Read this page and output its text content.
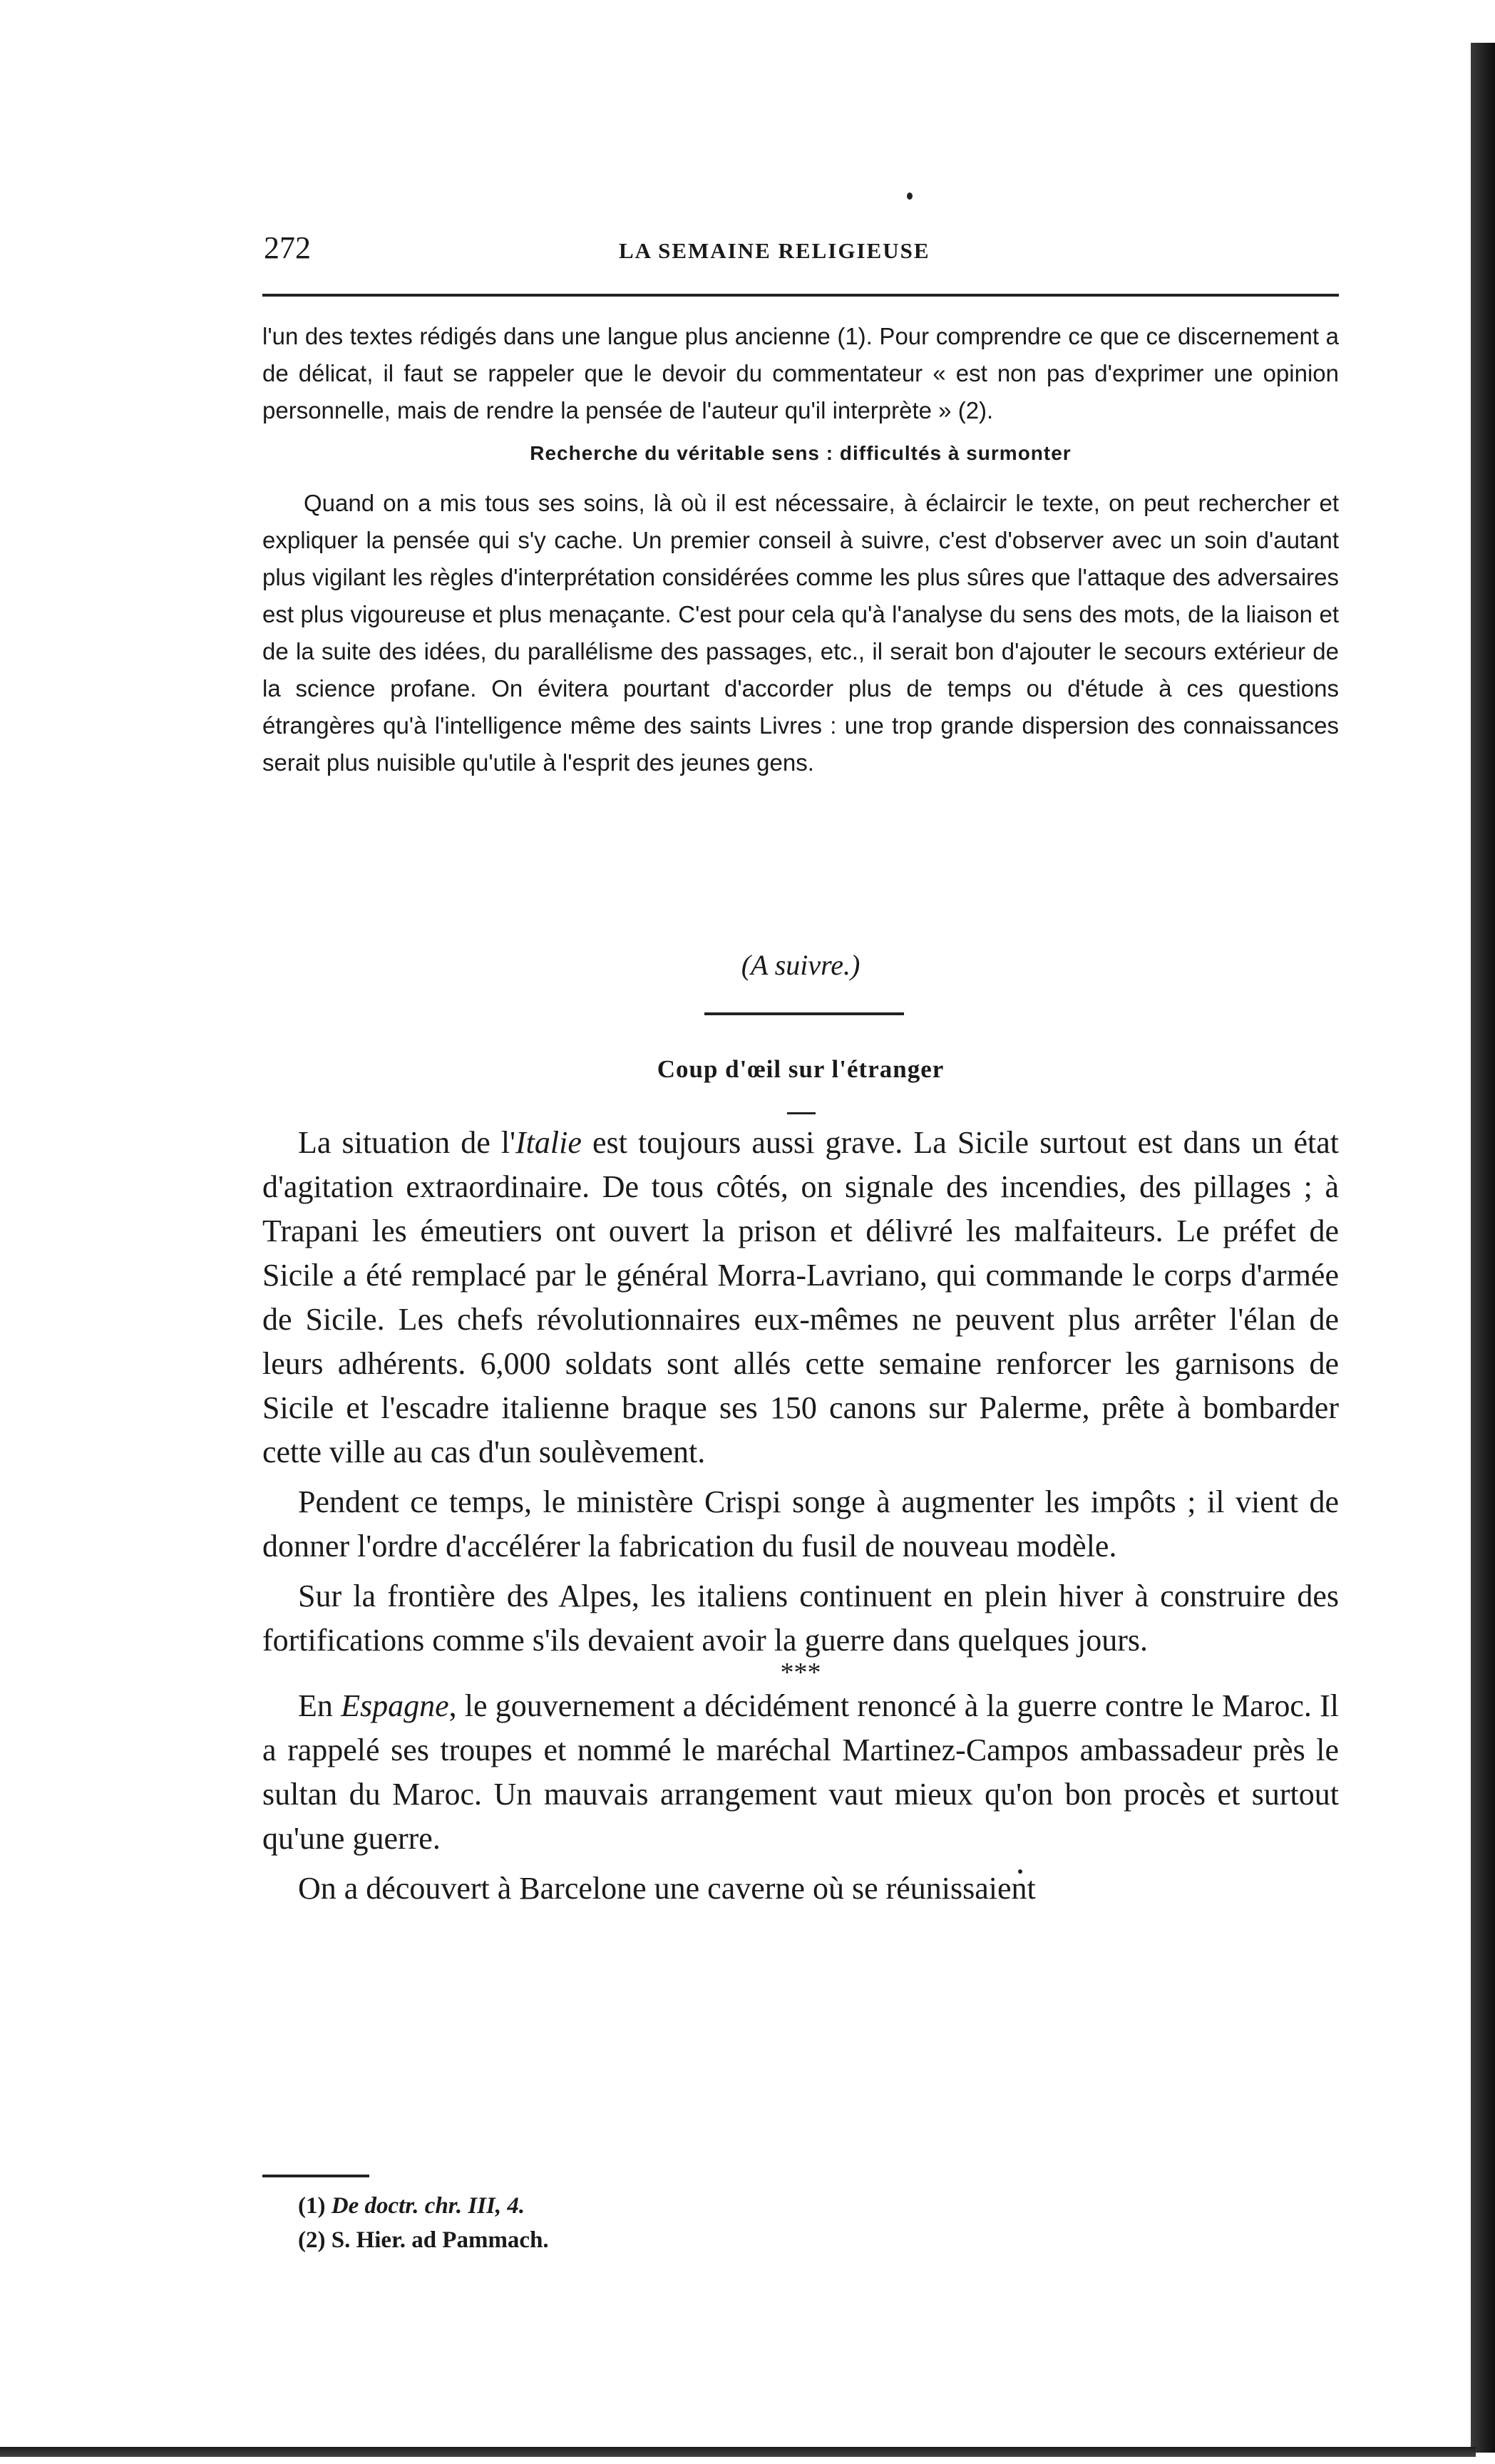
272	LA SEMAINE RELIGIEUSE

l'un des textes rédigés dans une langue plus ancienne (1). Pour comprendre ce que ce discernement a de délicat, il faut se rappeler que le devoir du commentateur « est non pas d'exprimer une opinion personnelle, mais de rendre la pensée de l'auteur qu'il interprète » (2).

Recherche du véritable sens : difficultés à surmonter

Quand on a mis tous ses soins, là où il est nécessaire, à éclaircir le texte, on peut rechercher et expliquer la pensée qui s'y cache. Un premier conseil à suivre, c'est d'observer avec un soin d'autant plus vigilant les règles d'interprétation considérées comme les plus sûres que l'attaque des adversaires est plus vigoureuse et plus menaçante. C'est pour cela qu'à l'analyse du sens des mots, de la liaison et de la suite des idées, du parallélisme des passages, etc., il serait bon d'ajouter le secours extérieur de la science profane. On évitera pourtant d'accorder plus de temps ou d'étude à ces questions étrangères qu'à l'intelligence même des saints Livres : une trop grande dispersion des connaissances serait plus nuisible qu'utile à l'esprit des jeunes gens.

(A suivre.)
Coup d'œil sur l'étranger

La situation de l'Italie est toujours aussi grave. La Sicile surtout est dans un état d'agitation extraordinaire. De tous côtés, on signale des incendies, des pillages ; à Trapani les émeutiers ont ouvert la prison et délivré les malfaiteurs. Le préfet de Sicile a été remplacé par le général Morra-Lavriano, qui commande le corps d'armée de Sicile. Les chefs révolutionnaires eux-mêmes ne peuvent plus arrêter l'élan de leurs adhérents. 6,000 soldats sont allés cette semaine renforcer les garnisons de Sicile et l'escadre italienne braque ses 150 canons sur Palerme, prête à bombarder cette ville au cas d'un soulèvement.

Pendent ce temps, le ministère Crispi songe à augmenter les impôts ; il vient de donner l'ordre d'accélérer la fabrication du fusil de nouveau modèle.

Sur la frontière des Alpes, les italiens continuent en plein hiver à construire des fortifications comme s'ils devaient avoir la guerre dans quelques jours.

***

En Espagne, le gouvernement a décidément renoncé à la guerre contre le Maroc. Il a rappelé ses troupes et nommé le maréchal Martinez-Campos ambassadeur près le sultan du Maroc. Un mauvais arrangement vaut mieux qu'on bon procès et surtout qu'une guerre.

On a découvert à Barcelone une caverne où se réunissaient

(1) De doctr. chr. III, 4.
(2) S. Hier. ad Pammach.
